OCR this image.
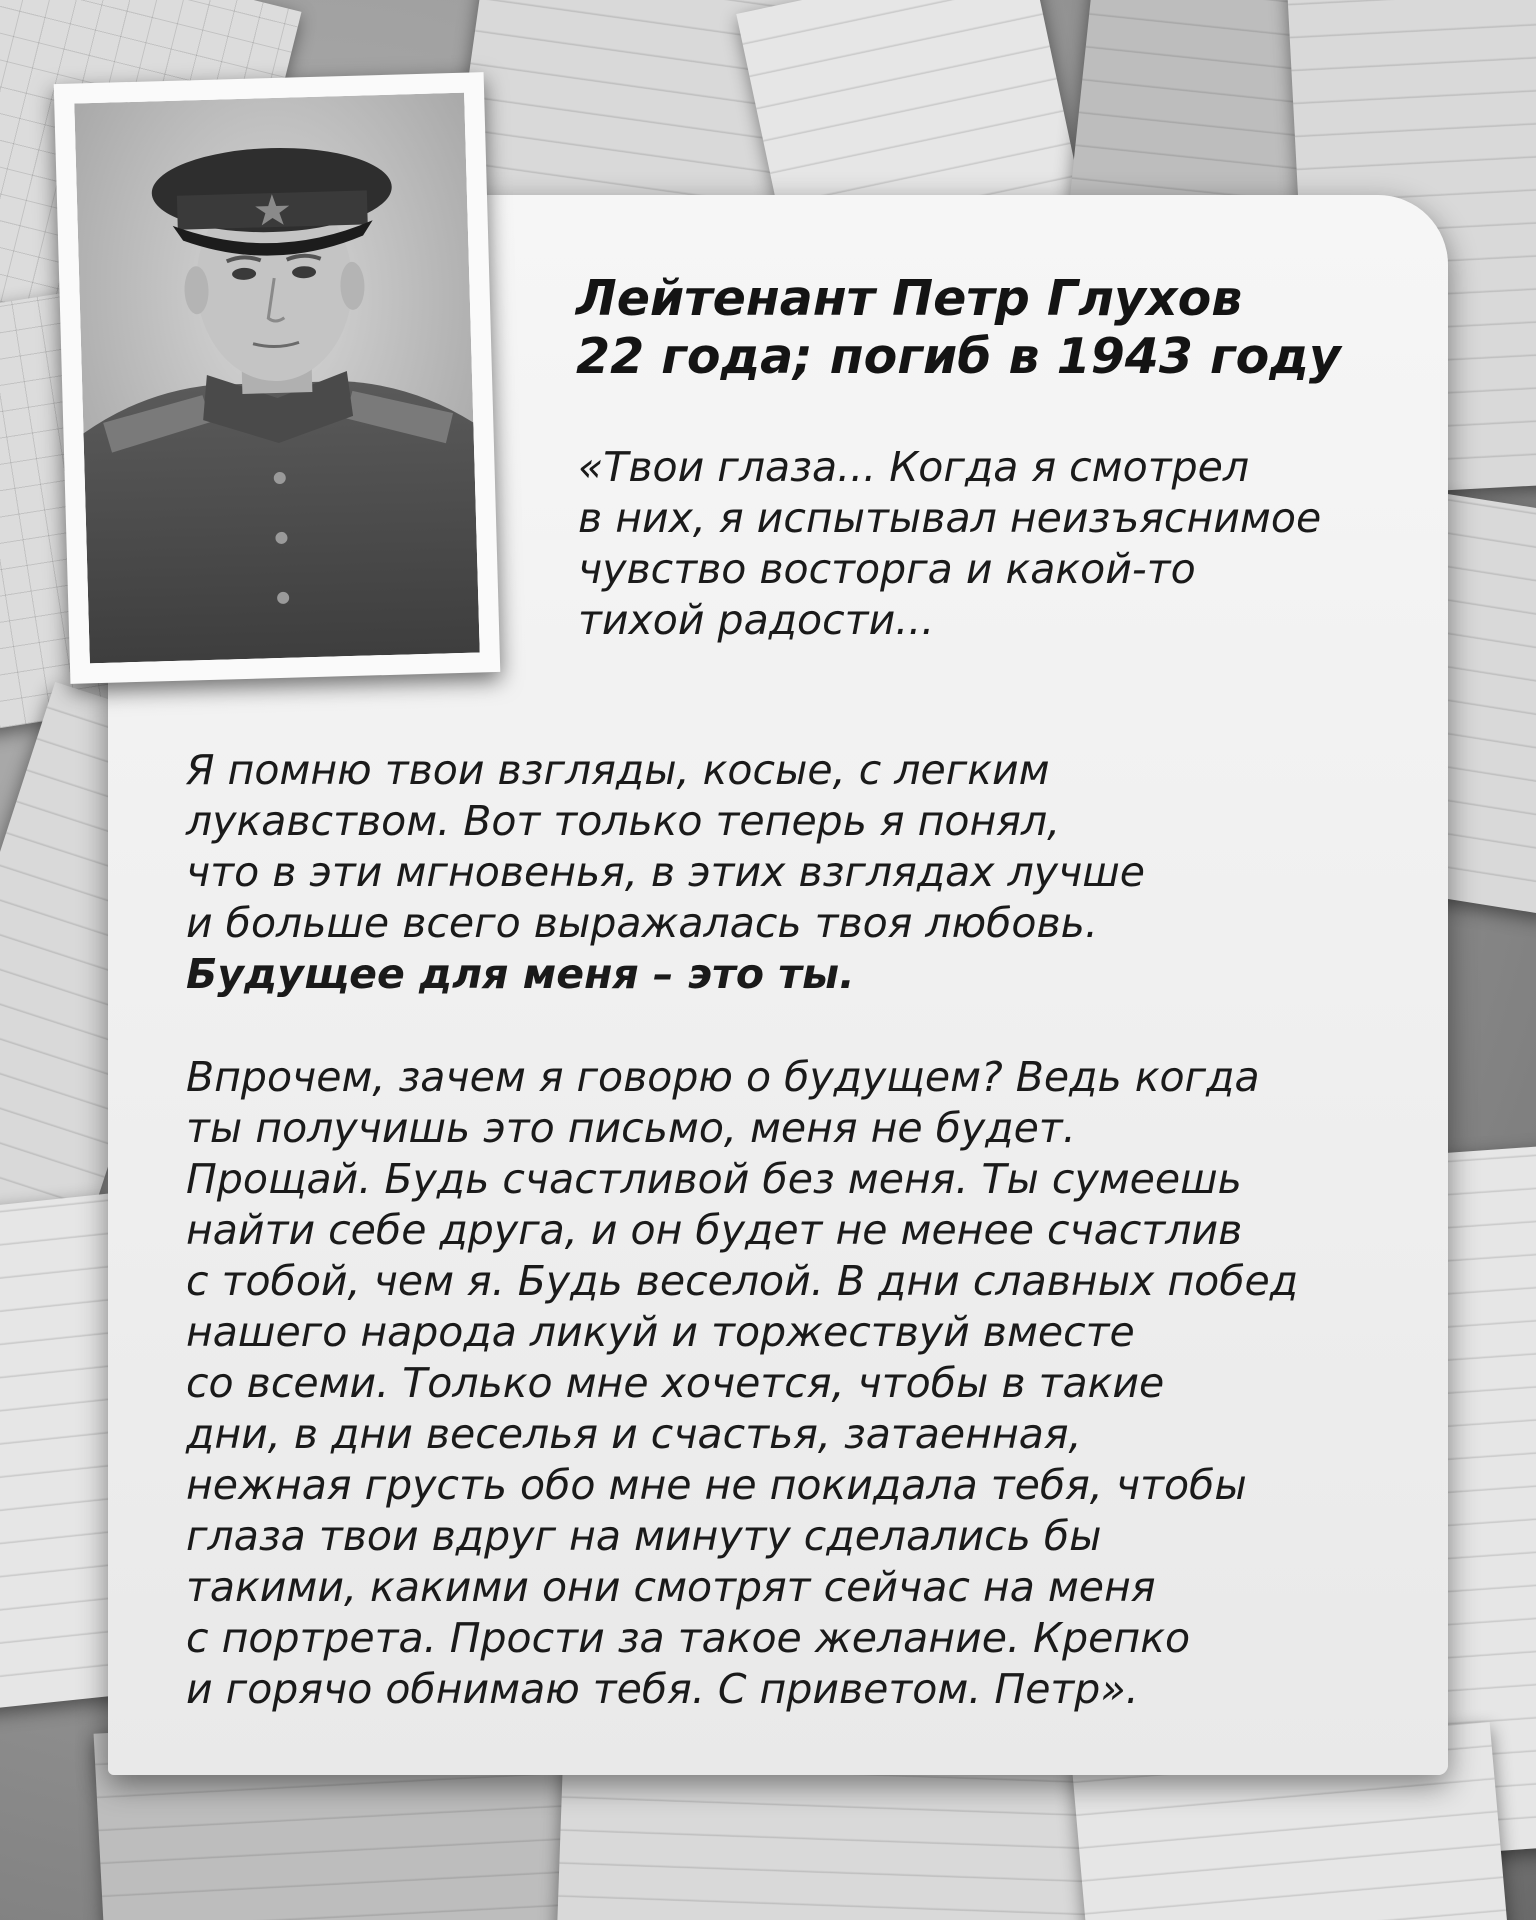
Лейтенант Петр Глухов
22 года; погиб в 1943 году

«Твои глаза... Когда я смотрел
в них, я испытывал неизъяснимое
чувство восторга и какой-то
тихой радости...

Я помню твои взгляды, косые, с легким
лукавством. Вот только теперь я понял,
что в эти мгновенья, в этих взглядах лучше
и больше всего выражалась твоя любовь.
Будущее для меня – это ты.

Впрочем, зачем я говорю о будущем? Ведь когда
ты получишь это письмо, меня не будет.
Прощай. Будь счастливой без меня. Ты сумеешь
найти себе друга, и он будет не менее счастлив
с тобой, чем я. Будь веселой. В дни славных побед
нашего народа ликуй и торжествуй вместе
со всеми. Только мне хочется, чтобы в такие
дни, в дни веселья и счастья, затаенная,
нежная грусть обо мне не покидала тебя, чтобы
глаза твои вдруг на минуту сделались бы
такими, какими они смотрят сейчас на меня
с портрета. Прости за такое желание. Крепко
и горячо обнимаю тебя. С приветом. Петр».
